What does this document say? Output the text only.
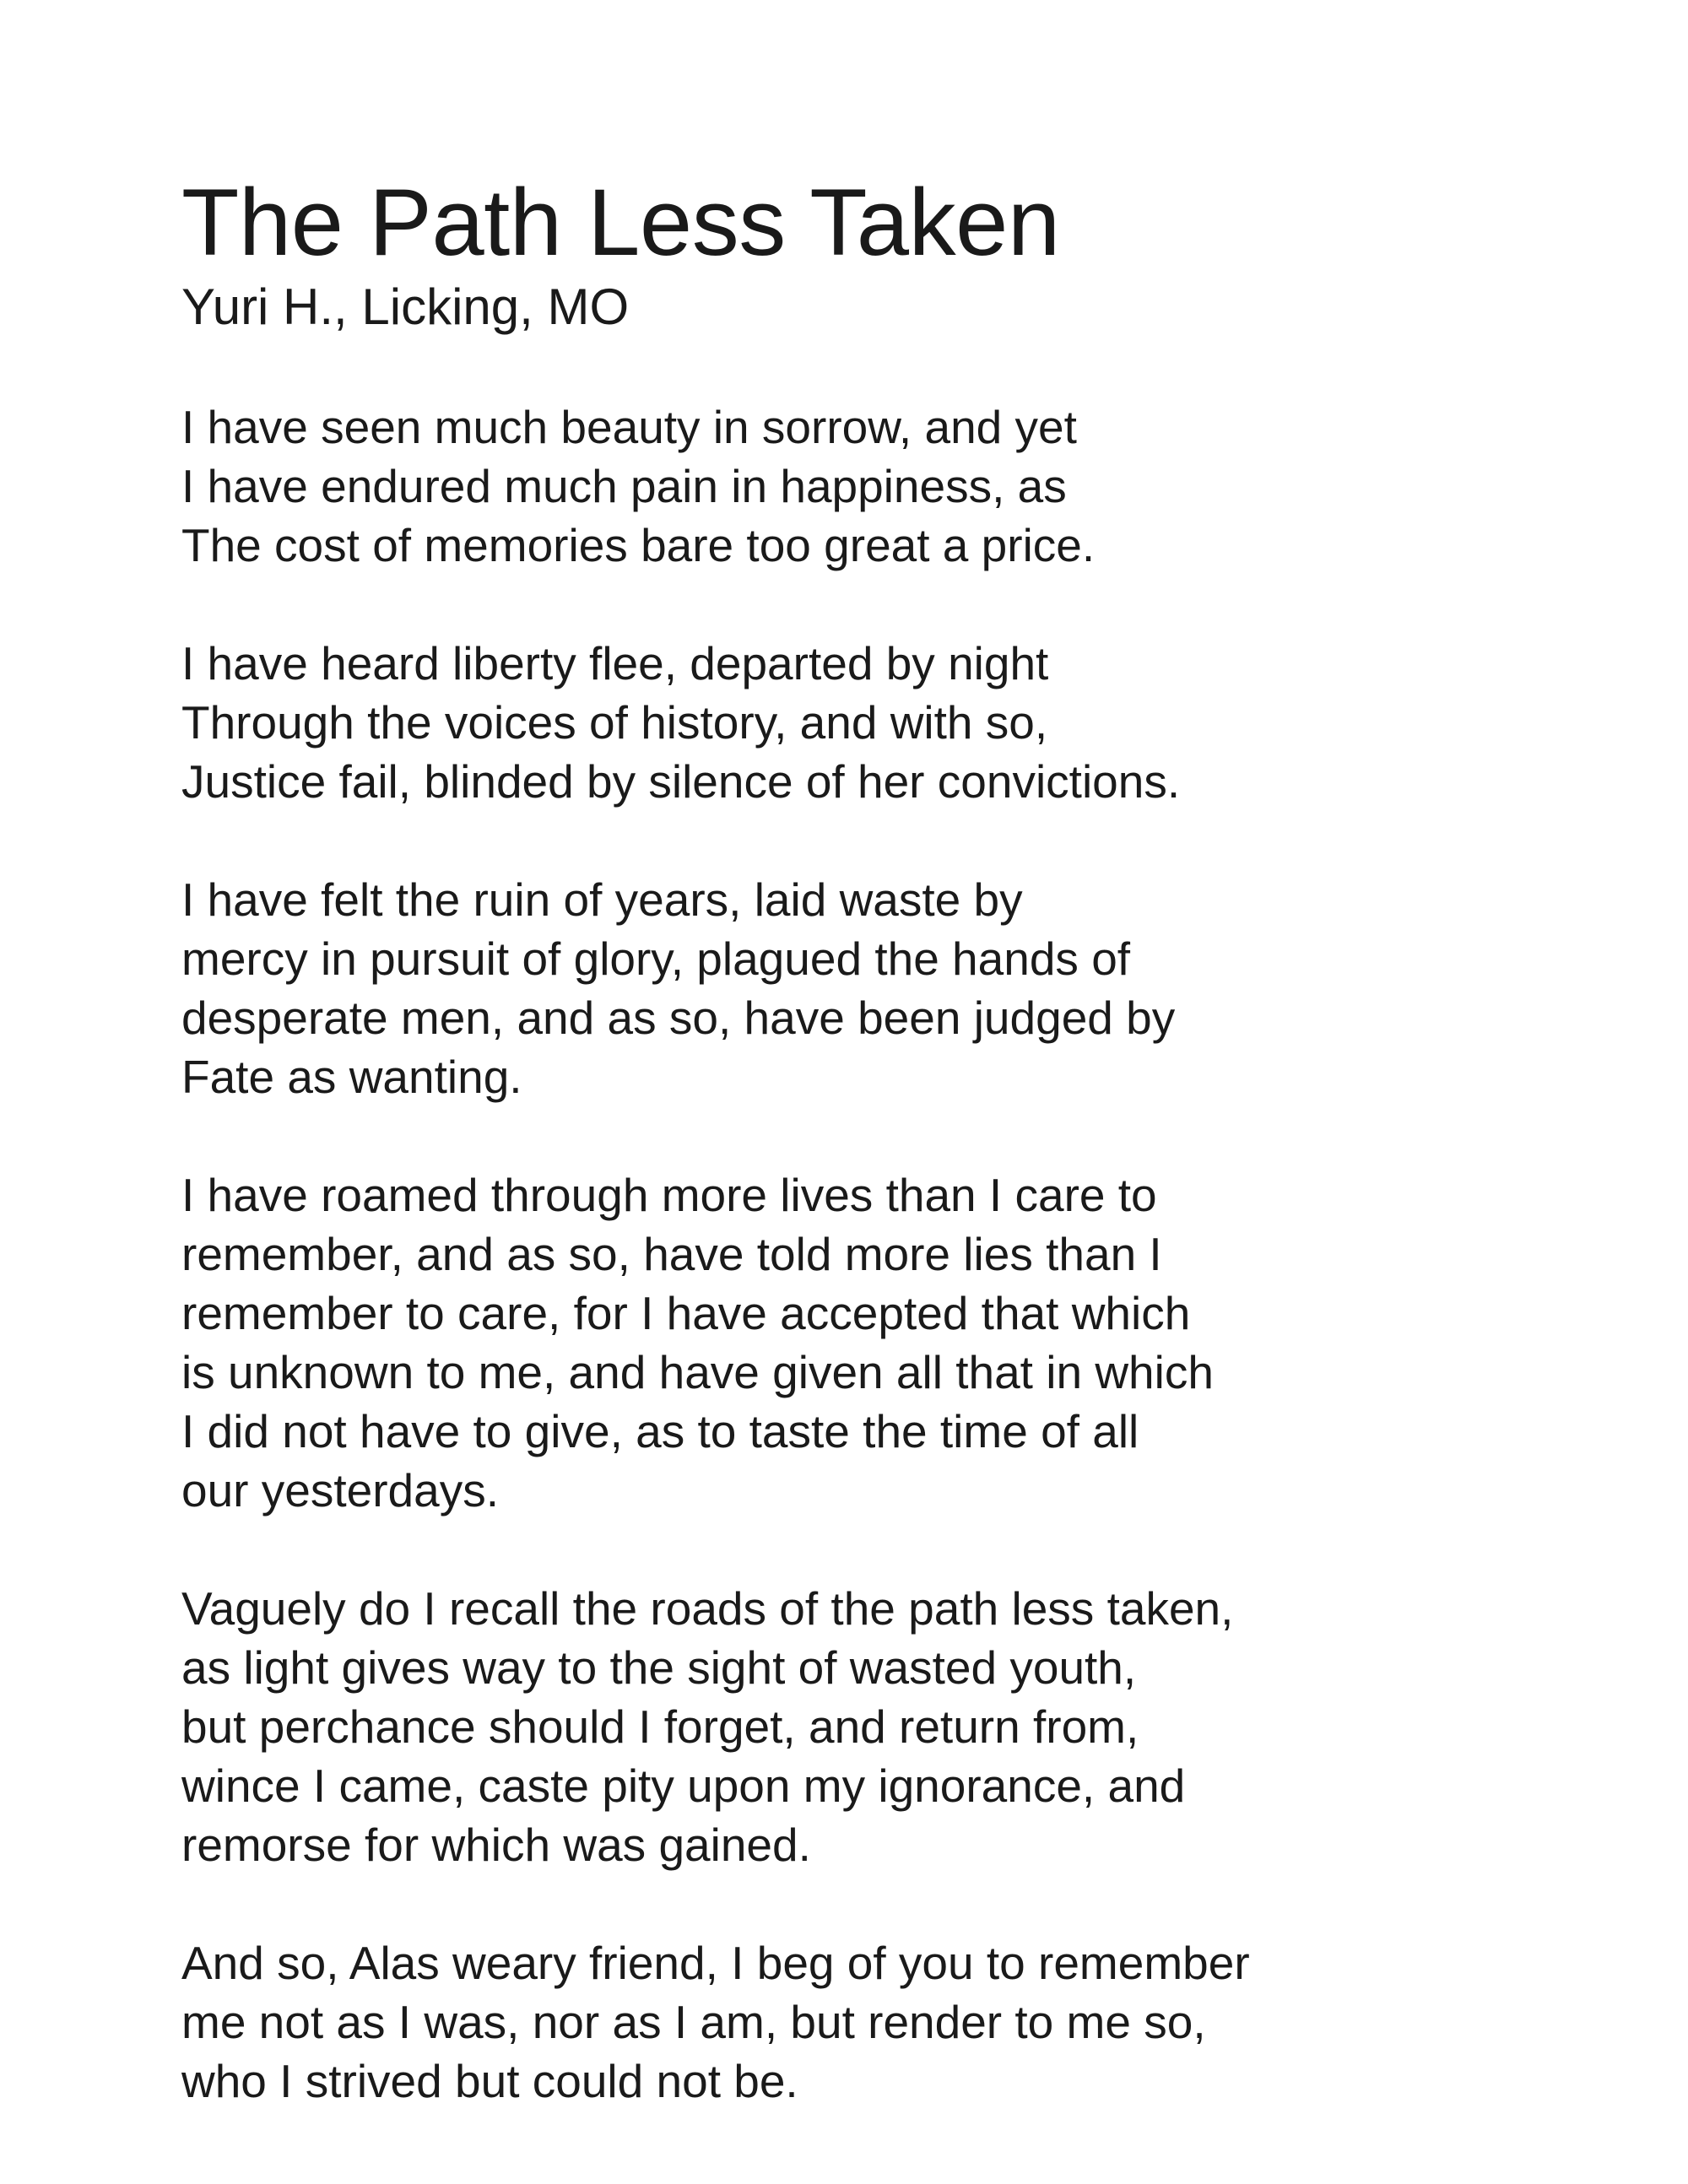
The Path Less Taken

Yuri H., Licking, MO

I have seen much beauty in sorrow, and yet
I have endured much pain in happiness, as
The cost of memories bare too great a price.
I have heard liberty flee, departed by night
Through the voices of history, and with so,
Justice fail, blinded by silence of her convictions.
I have felt the ruin of years, laid waste by
mercy in pursuit of glory, plagued the hands of
desperate men, and as so, have been judged by
Fate as wanting.
I have roamed through more lives than I care to
remember, and as so, have told more lies than I
remember to care, for I have accepted that which
is unknown to me, and have given all that in which
I did not have to give, as to taste the time of all
our yesterdays.
Vaguely do I recall the roads of the path less taken,
as light gives way to the sight of wasted youth,
but perchance should I forget, and return from,
wince I came, caste pity upon my ignorance, and
remorse for which was gained.
And so, Alas weary friend, I beg of you to remember
me not as I was, nor as I am, but render to me so,
who I strived but could not be.
